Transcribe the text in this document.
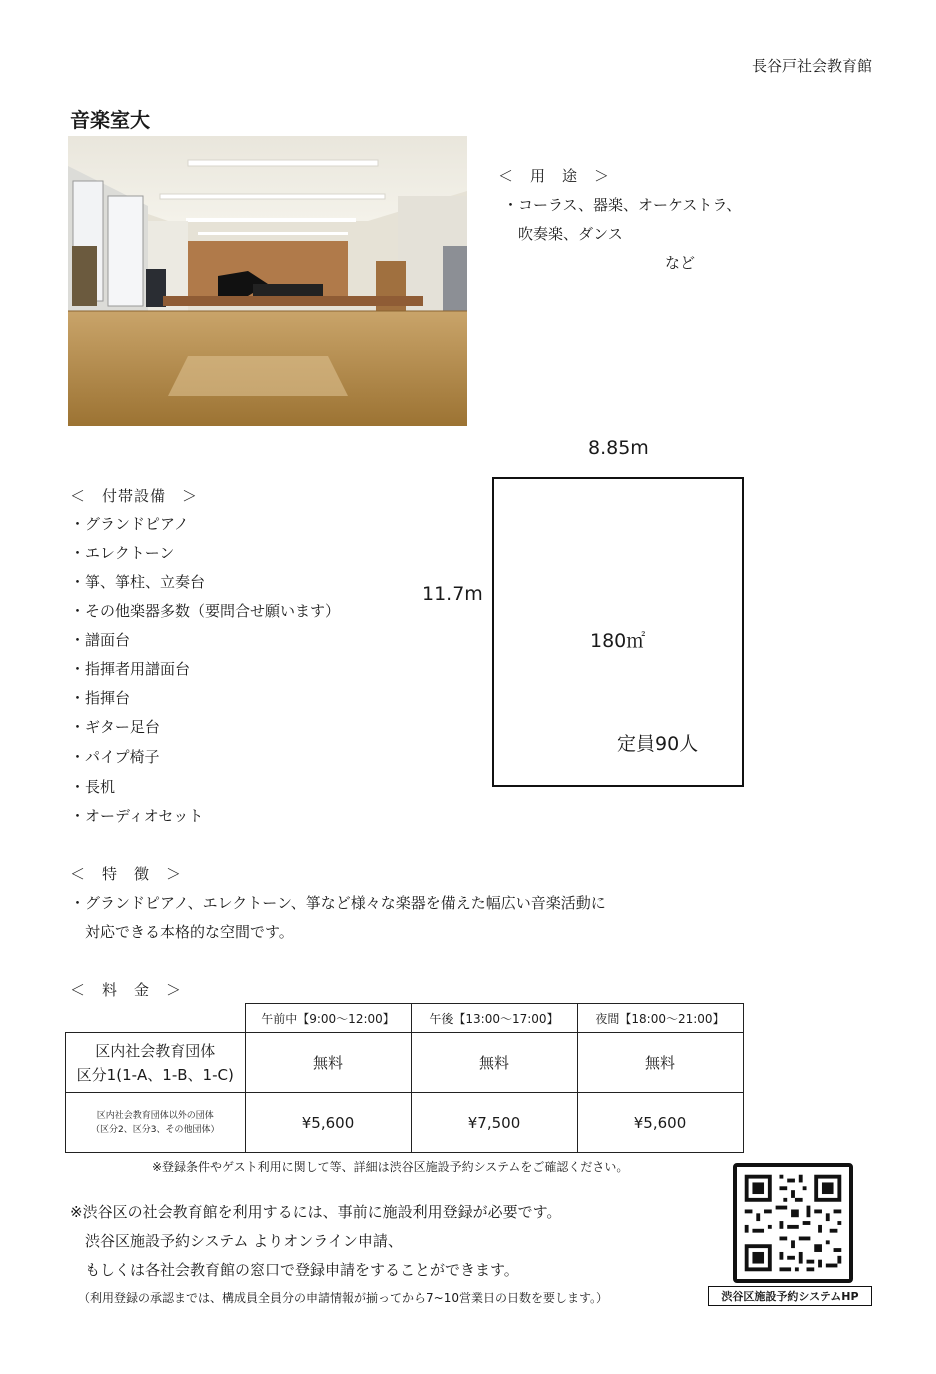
長谷戸社会教育館
音楽室大
＜　用　途　＞
・コーラス、器楽、オーケストラ、
　吹奏楽、ダンス
など
8.85m
11.7m
180㎡
定員90人
＜　付帯設備　＞
・グランドピアノ
・エレクトーン
・箏、箏柱、立奏台
・その他楽器多数（要問合せ願います）
・譜面台
・指揮者用譜面台
・指揮台
・ギター足台
・パイプ椅子
・長机
・オーディオセット
＜　特　徴　＞
・グランドピアノ、エレクトーン、箏など様々な楽器を備えた幅広い音楽活動に
　対応できる本格的な空間です。
＜　料　金　＞
	午前中【9:00～12:00】	午後【13:00～17:00】	夜間【18:00～21:00】

区内社会教育団体
区分1(1-A、1-B、1-C)	無料	無料	無料

区内社会教育団体以外の団体
（区分2、区分3、その他団体）	¥5,600	¥7,500	¥5,600
※登録条件やゲスト利用に関して等、詳細は渋谷区施設予約システムをご確認ください。
※渋谷区の社会教育館を利用するには、事前に施設利用登録が必要です。
　渋谷区施設予約システム よりオンライン申請、
　もしくは各社会教育館の窓口で登録申請をすることができます。
（利用登録の承認までは、構成員全員分の申請情報が揃ってから7~10営業日の日数を要します。）	渋谷区施設予約システムHP
